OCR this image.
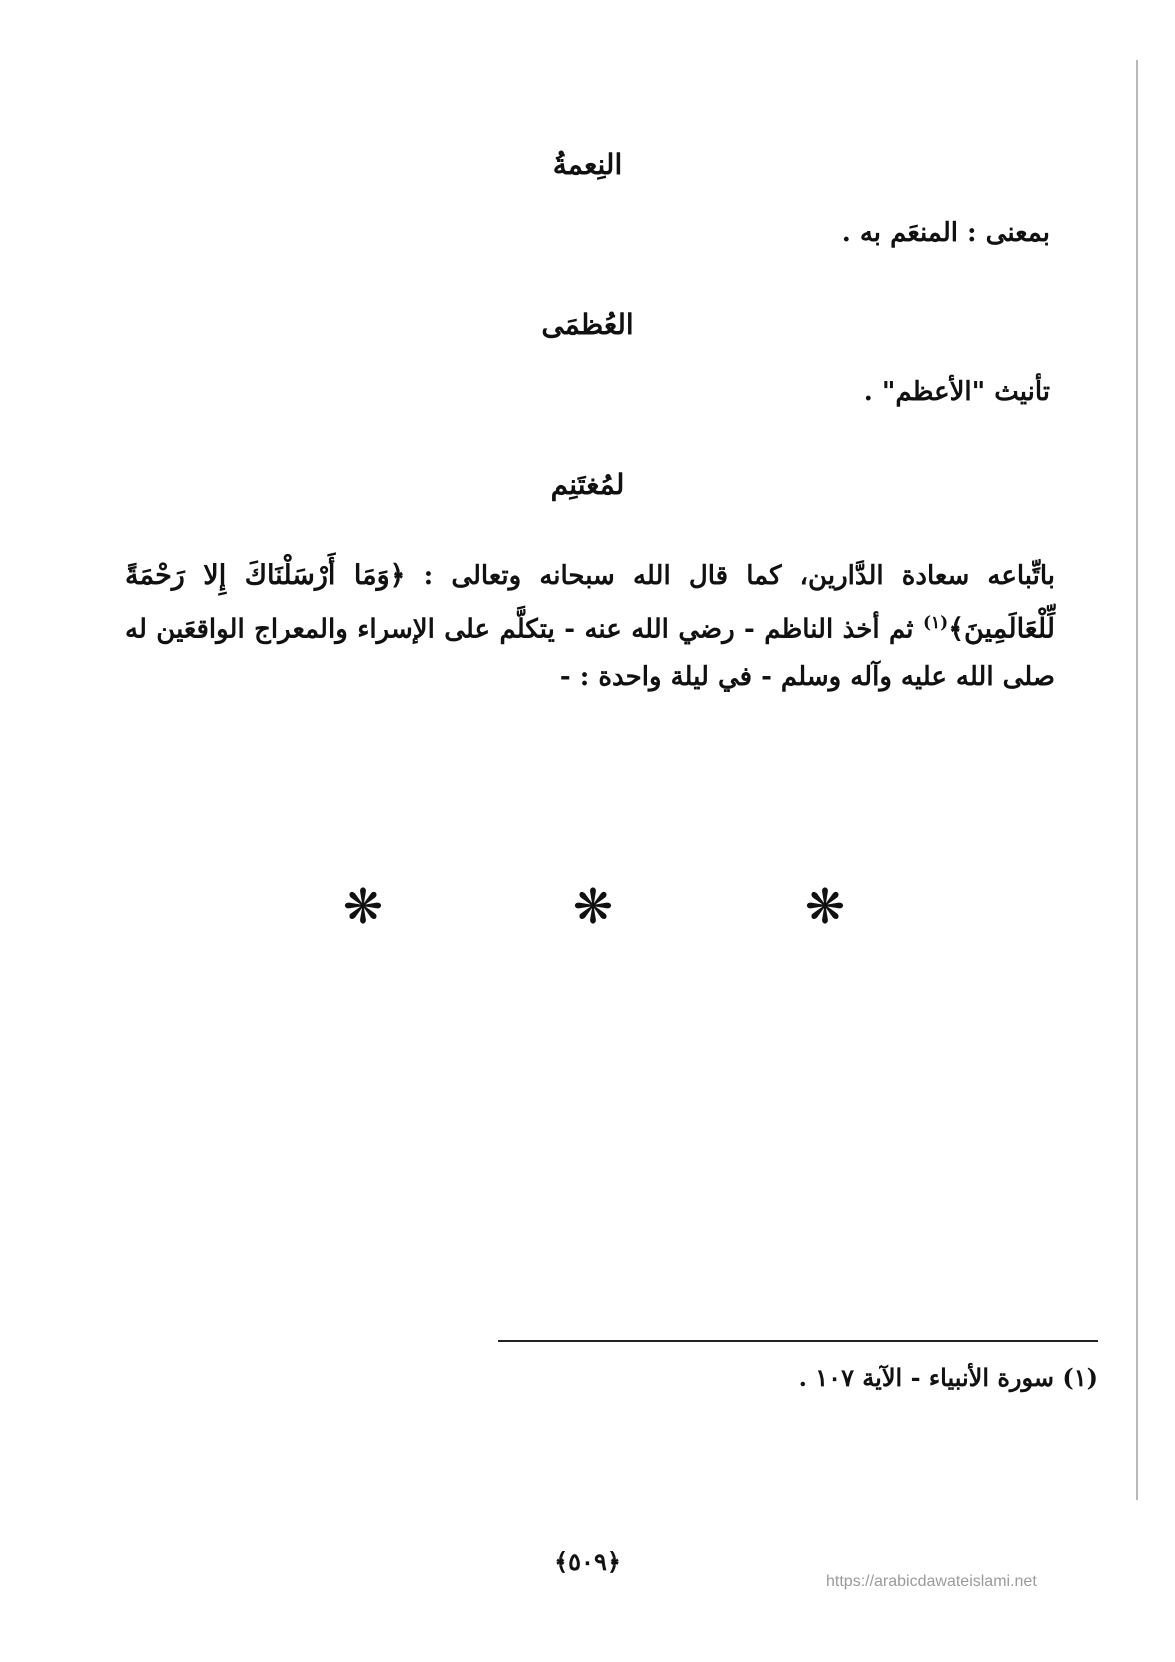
النِعمةُ
بمعنى : المنعَم به .
العُظمَى
تأنيث "الأعظم" .
لمُغتَنِم
باتِّباعه سعادة الدَّارين، كما قال الله سبحانه وتعالى : ﴿وَمَا أَرْسَلْنَاكَ إِلا رَحْمَةً لِّلْعَالَمِينَ﴾$^{(١)}$ ثم أخذ الناظم - رضي الله عنه - يتكلَّم على الإسراء والمعراج الواقعَين له صلى الله عليه وآله وسلم - في ليلة واحدة : -
❋	❋	❋
(١) سورة الأنبياء - الآية ١٠٧ .
﴿٥٠٩﴾
https://arabicdawateislami.net
